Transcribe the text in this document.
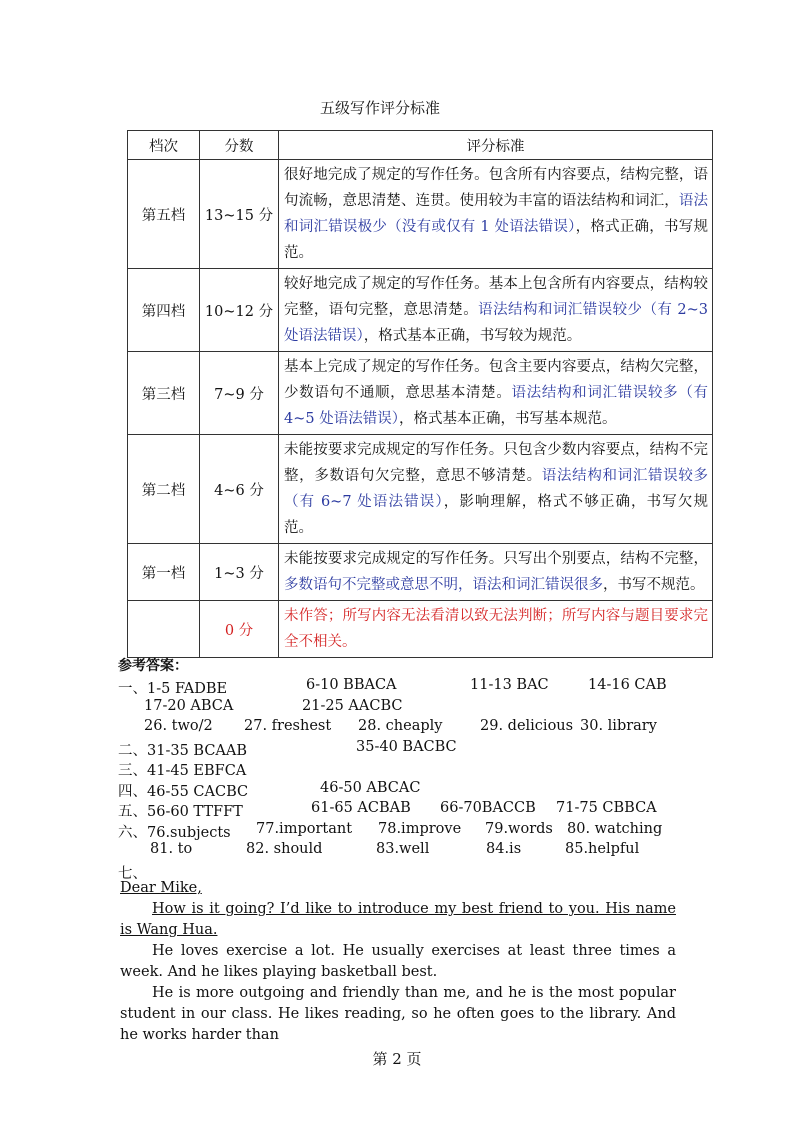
五级写作评分标准
档次	分数	评分标准
第五档	13~15 分	很好地完成了规定的写作任务。包含所有内容要点，结构完整，语句流畅，意思清楚、连贯。使用较为丰富的语法结构和词汇，语法和词汇错误极少（没有或仅有 1 处语法错误），格式正确，书写规范。
第四档	10~12 分	较好地完成了规定的写作任务。基本上包含所有内容要点，结构较完整，语句完整，意思清楚。语法结构和词汇错误较少（有 2~3 处语法错误），格式基本正确，书写较为规范。
第三档	7~9 分	基本上完成了规定的写作任务。包含主要内容要点，结构欠完整，少数语句不通顺，意思基本清楚。语法结构和词汇错误较多（有 4~5 处语法错误），格式基本正确，书写基本规范。
第二档	4~6 分	未能按要求完成规定的写作任务。只包含少数内容要点，结构不完整，多数语句欠完整，意思不够清楚。语法结构和词汇错误较多（有 6~7 处语法错误），影响理解，格式不够正确，书写欠规范。
第一档	1~3 分	未能按要求完成规定的写作任务。只写出个别要点，结构不完整，多数语句不完整或意思不明，语法和词汇错误很多，书写不规范。
	0 分	未作答；所写内容无法看清以致无法判断；所写内容与题目要求完全不相关。
参考答案：
一、1-5 FADBE	6-10 BBACA	11-13 BAC	14-16 CAB
17-20 ABCA	21-25 AACBC
26. two/2 27. freshest 28. cheaply	29. delicious 30. library
二、31-35 BCAAB	35-40 BACBC
三、41-45 EBFCA
四、46-55 CACBC	46-50 ABCAC
五、56-60 TTFFT	61-65 ACBAB 66-70BACCB 71-75 CBBCA
六、76.subjects 77.important 78.improve 79.words 80. watching
81. to	82. should	83.well	84.is	85.helpful
七、

Dear Mike,

How is it going? I’d like to introduce my best friend to you. His name is Wang Hua.

He loves exercise a lot. He usually exercises at least three times a week. And he likes playing basketball best.

He is more outgoing and friendly than me, and he is the most popular student in our class. He likes reading, so he often goes to the library. And he works harder than

第 2 页
